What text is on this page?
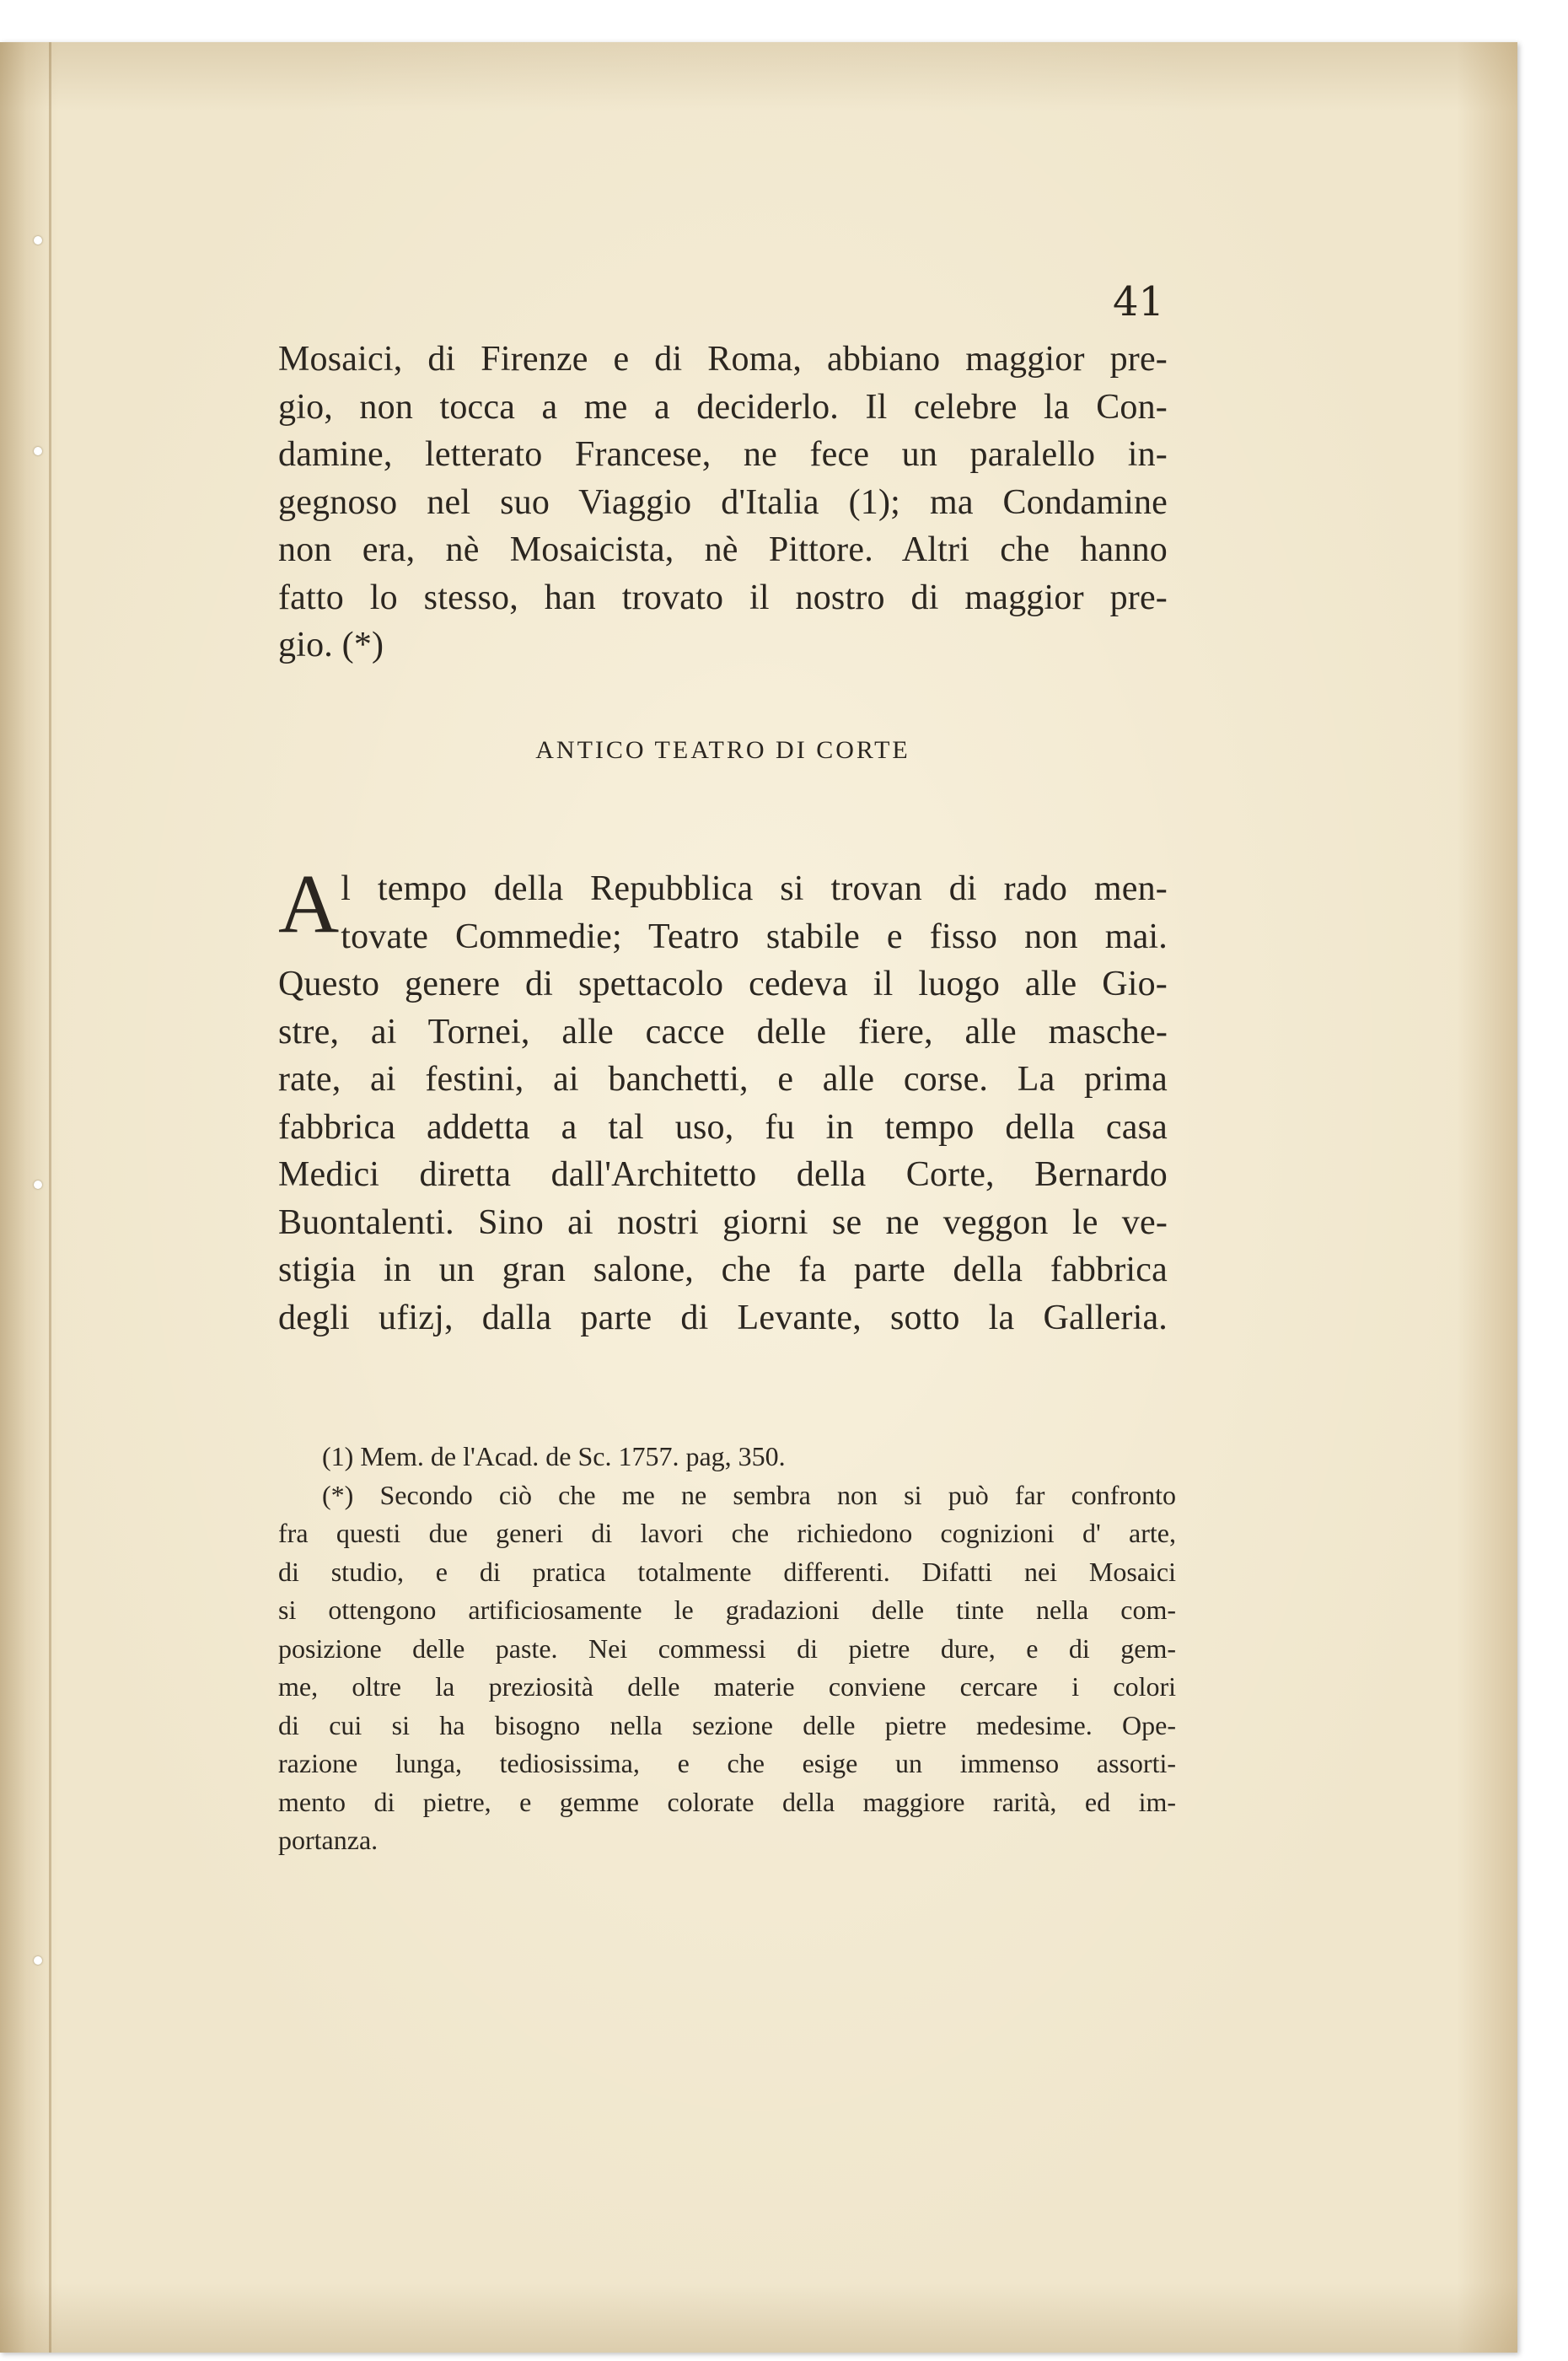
41
Mosaici, di Firenze e di Roma, abbiano maggior pre-
gio, non tocca a me a deciderlo. Il celebre la Con-
damine, letterato Francese, ne fece un paralello in-
gegnoso nel suo Viaggio d'Italia (1); ma Condamine
non era, nè Mosaicista, nè Pittore. Altri che hanno
fatto lo stesso, han trovato il nostro di maggior pre-
gio. (*)
ANTICO TEATRO DI CORTE
A l tempo della Repubblica si trovan di rado men-
tovate Commedie; Teatro stabile e fisso non mai.
Questo genere di spettacolo cedeva il luogo alle Gio-
stre, ai Tornei, alle cacce delle fiere, alle masche-
rate, ai festini, ai banchetti, e alle corse. La prima
fabbrica addetta a tal uso, fu in tempo della casa
Medici diretta dall'Architetto della Corte, Bernardo
Buontalenti. Sino ai nostri giorni se ne veggon le ve-
stigia in un gran salone, che fa parte della fabbrica
degli ufizj, dalla parte di Levante, sotto la Galleria.
(1) Mem. de l'Acad. de Sc. 1757. pag, 350.
(*) Secondo ciò che me ne sembra non si può far confronto
fra questi due generi di lavori che richiedono cognizioni d' arte,
di studio, e di pratica totalmente differenti. Difatti nei Mosaici
si ottengono artificiosamente le gradazioni delle tinte nella com-
posizione delle paste. Nei commessi di pietre dure, e di gem-
me, oltre la preziosità delle materie conviene cercare i colori
di cui si ha bisogno nella sezione delle pietre medesime. Ope-
razione lunga, tediosissima, e che esige un immenso assorti-
mento di pietre, e gemme colorate della maggiore rarità, ed im-
portanza.
